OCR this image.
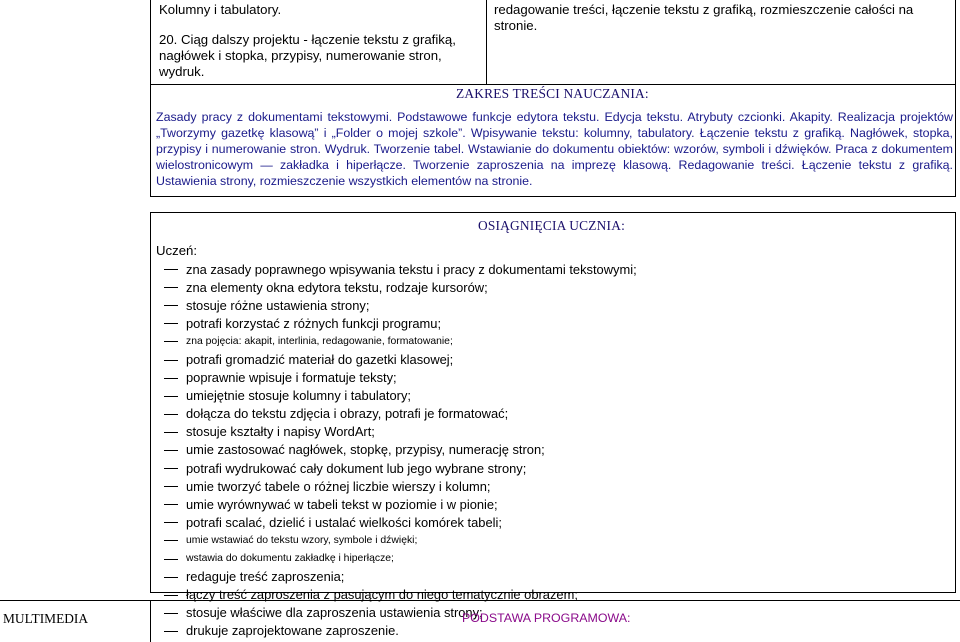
Kolumny i tabulatory.
20. Ciąg dalszy projektu - łączenie tekstu z grafiką, nagłówek i stopka, przypisy, numerowanie stron, wydruk.
redagowanie treści, łączenie tekstu z grafiką, rozmieszczenie całości na stronie.
ZAKRES TREŚCI NAUCZANIA:

Zasady pracy z dokumentami tekstowymi. Podstawowe funkcje edytora tekstu. Edycja tekstu. Atrybuty czcionki. Akapity. Realizacja projektów „Tworzymy gazetkę klasową” i „Folder o mojej szkole”. Wpisywanie tekstu: kolumny, tabulatory. Łączenie tekstu z grafiką. Nagłówek, stopka, przypisy i numerowanie stron. Wydruk. Tworzenie tabel. Wstawianie do dokumentu obiektów: wzorów, symboli i dźwięków. Praca z dokumentem wielostronicowym — zakładka i hiperłącze. Tworzenie zaproszenia na imprezę klasową. Redagowanie treści. Łączenie tekstu z grafiką. Ustawienia strony, rozmieszczenie wszystkich elementów na stronie.

OSIĄGNIĘCIA UCZNIA:
Uczeń:
zna zasady poprawnego wpisywania tekstu i pracy z dokumentami tekstowymi;
zna elementy okna edytora tekstu, rodzaje kursorów;
stosuje różne ustawienia strony;
potrafi korzystać z różnych funkcji programu;
zna pojęcia: akapit, interlinia, redagowanie, formatowanie;
potrafi gromadzić materiał do gazetki klasowej;
poprawnie wpisuje i formatuje teksty;
umiejętnie stosuje kolumny i tabulatory;
dołącza do tekstu zdjęcia i obrazy, potrafi je formatować;
stosuje kształty i napisy WordArt;
umie zastosować nagłówek, stopkę, przypisy, numerację stron;
potrafi wydrukować cały dokument lub jego wybrane strony;
umie tworzyć tabele o różnej liczbie wierszy i kolumn;
umie wyrównywać w tabeli tekst w poziomie i w pionie;
potrafi scalać, dzielić i ustalać wielkości komórek tabeli;
umie wstawiać do tekstu wzory, symbole i dźwięki;
wstawia do dokumentu zakładkę i hiperłącze;
redaguje treść zaproszenia;
łączy treść zaproszenia z pasującym do niego tematycznie obrazem;
stosuje właściwe dla zaproszenia ustawienia strony;
drukuje zaprojektowane zaproszenie.
MULTIMEDIA	PODSTAWA PROGRAMOWA:
